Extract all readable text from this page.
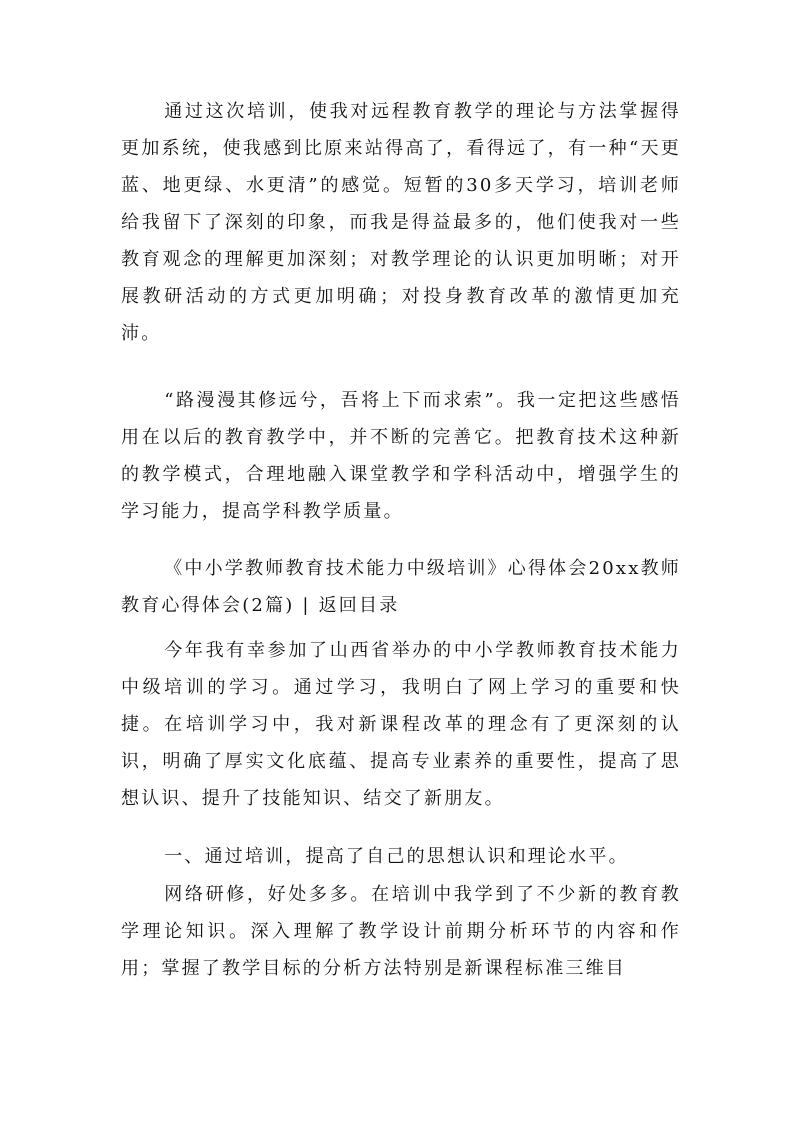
通过这次培训，使我对远程教育教学的理论与方法掌握得更加系统，使我感到比原来站得高了，看得远了，有一种“天更蓝、地更绿、水更清”的感觉。短暂的30多天学习，培训老师给我留下了深刻的印象，而我是得益最多的，他们使我对一些教育观念的理解更加深刻；对教学理论的认识更加明晰；对开展教研活动的方式更加明确；对投身教育改革的激情更加充沛。

“路漫漫其修远兮，吾将上下而求索”。我一定把这些感悟用在以后的教育教学中，并不断的完善它。把教育技术这种新的教学模式，合理地融入课堂教学和学科活动中，增强学生的学习能力，提高学科教学质量。

《中小学教师教育技术能力中级培训》心得体会20xx教师教育心得体会(2篇) | 返回目录

今年我有幸参加了山西省举办的中小学教师教育技术能力中级培训的学习。通过学习，我明白了网上学习的重要和快捷。在培训学习中，我对新课程改革的理念有了更深刻的认识，明确了厚实文化底蕴、提高专业素养的重要性，提高了思想认识、提升了技能知识、结交了新朋友。

一、通过培训，提高了自己的思想认识和理论水平。

网络研修，好处多多。在培训中我学到了不少新的教育教学理论知识。深入理解了教学设计前期分析环节的内容和作用；掌握了教学目标的分析方法特别是新课程标准三维目
